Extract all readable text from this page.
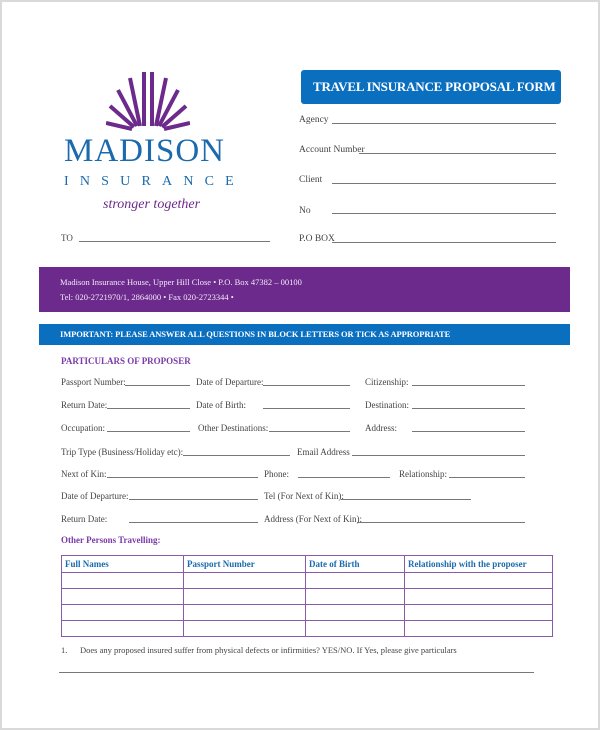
MADISON
INSURANCE
stronger together
TO
TRAVEL INSURANCE PROPOSAL FORM
Agency
Account Number
Client
No
P.O BOX
Madison Insurance House, Upper Hill Close • P.O. Box 47382 – 00100
Tel: 020-2721970/1, 2864000 • Fax 020-2723344 •
IMPORTANT: PLEASE ANSWER ALL QUESTIONS IN BLOCK LETTERS OR TICK AS APPROPRIATE
PARTICULARS OF PROPOSER
Passport Number:	Date of Departure:	Citizenship:
Return Date:	Date of Birth:	Destination:
Occupation:	Other Destinations:	Address:
Trip Type (Business/Holiday etc):	Email Address
Next of Kin:	Phone:	Relationship:
Date of Departure:	Tel (For Next of Kin):
Return Date:	Address (For Next of Kin):
Other Persons Travelling:
Full Names	Passport Number	Date of Birth	Relationship with the proposer

1. Does any proposed insured suffer from physical defects or infirmities? YES/NO. If Yes, please give particulars
